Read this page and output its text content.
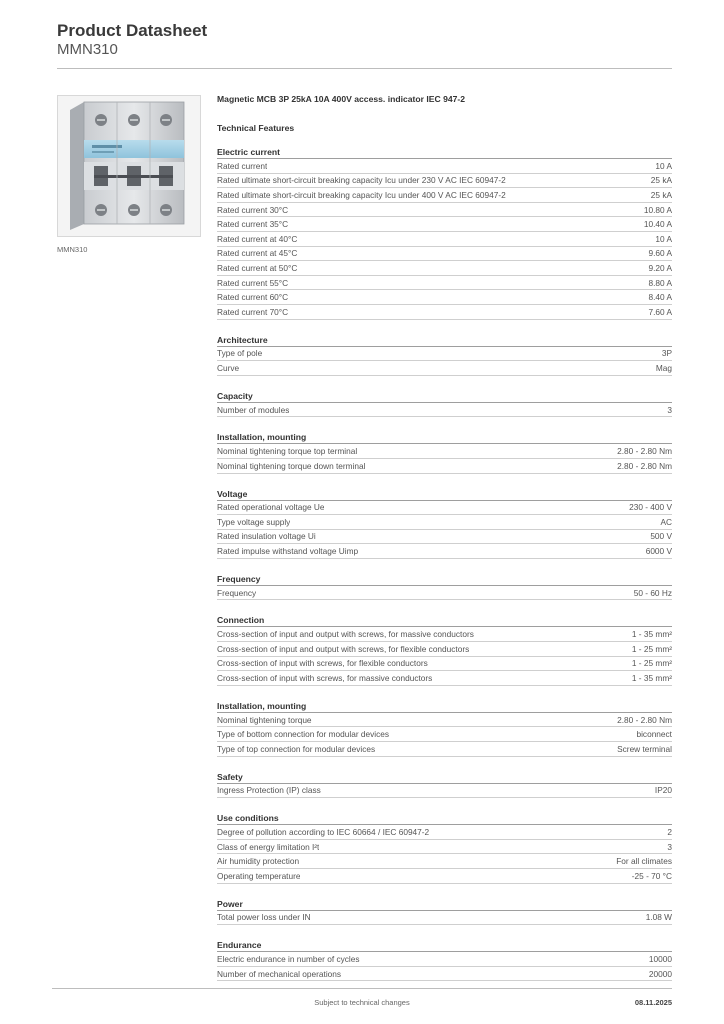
Product Datasheet
MMN310
MMN310
Magnetic MCB 3P 25kA 10A 400V access. indicator IEC 947-2
Technical Features
Electric current
Rated current	10 A
Rated ultimate short-circuit breaking capacity Icu under 230 V AC IEC 60947-2	25 kA
Rated ultimate short-circuit breaking capacity Icu under 400 V AC IEC 60947-2	25 kA
Rated current 30°C	10.80 A
Rated current 35°C	10.40 A
Rated current at 40°C	10 A
Rated current at 45°C	9.60 A
Rated current at 50°C	9.20 A
Rated current 55°C	8.80 A
Rated current 60°C	8.40 A
Rated current 70°C	7.60 A
Architecture
Type of pole	3P
Curve	Mag
Capacity
Number of modules	3
Installation, mounting
Nominal tightening torque top terminal	2.80 - 2.80 Nm
Nominal tightening torque down terminal	2.80 - 2.80 Nm
Voltage
Rated operational voltage Ue	230 - 400 V
Type voltage supply	AC
Rated insulation voltage Ui	500 V
Rated impulse withstand voltage Uimp	6000 V
Frequency
Frequency	50 - 60 Hz
Connection
Cross-section of input and output with screws, for massive conductors	1 - 35 mm²
Cross-section of input and output with screws, for flexible conductors	1 - 25 mm²
Cross-section of input with screws, for flexible conductors	1 - 25 mm²
Cross-section of input with screws, for massive conductors	1 - 35 mm²
Installation, mounting
Nominal tightening torque	2.80 - 2.80 Nm
Type of bottom connection for modular devices	biconnect
Type of top connection for modular devices	Screw terminal
Safety
Ingress Protection (IP) class	IP20
Use conditions
Degree of pollution according to IEC 60664 / IEC 60947-2	2
Class of energy limitation I²t	3
Air humidity protection	For all climates
Operating temperature	-25 - 70 °C
Power
Total power loss under IN	1.08 W
Endurance
Electric endurance in number of cycles	10000
Number of mechanical operations	20000
Subject to technical changes	08.11.2025
